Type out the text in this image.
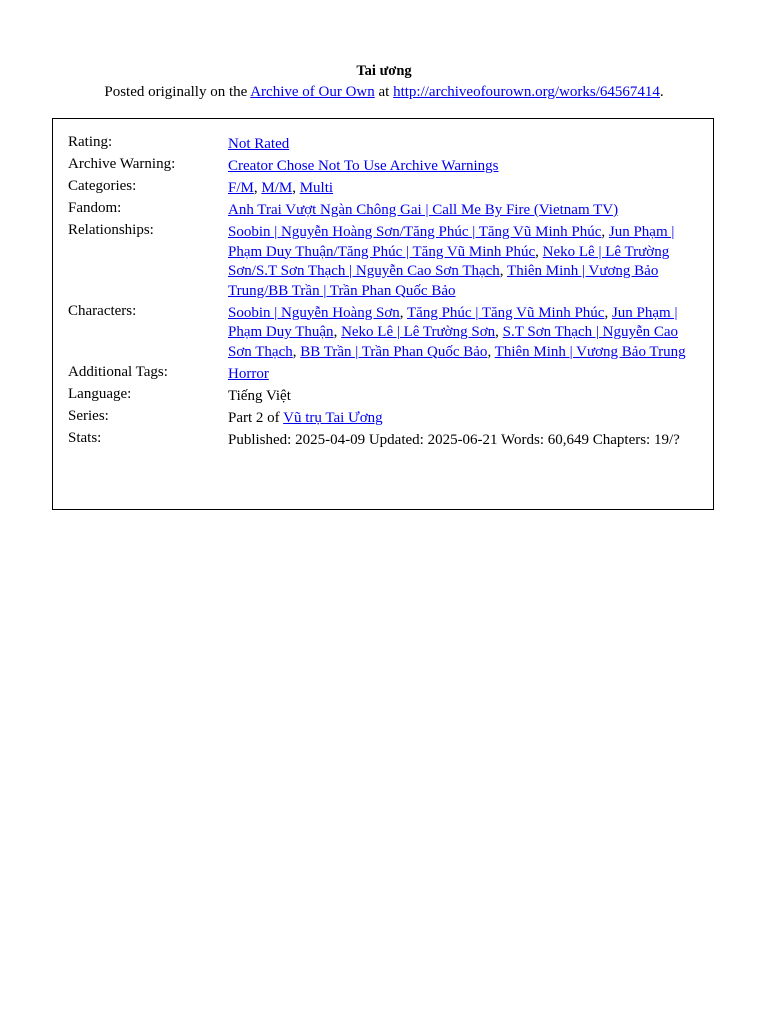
Tai ương
Posted originally on the Archive of Our Own at http://archiveofourown.org/works/64567414.
Rating:	Not Rated
Archive Warning:	Creator Chose Not To Use Archive Warnings
Categories:	F/M, M/M, Multi
Fandom:	Anh Trai Vượt Ngàn Chông Gai | Call Me By Fire (Vietnam TV)
Relationships:	Soobin | Nguyễn Hoàng Sơn/Tăng Phúc | Tăng Vũ Minh Phúc, Jun Phạm | Phạm Duy Thuận/Tăng Phúc | Tăng Vũ Minh Phúc, Neko Lê | Lê Trường Sơn/S.T Sơn Thạch | Nguyễn Cao Sơn Thạch, Thiên Minh | Vương Bảo Trung/BB Trần | Trần Phan Quốc Bảo
Characters:	Soobin | Nguyễn Hoàng Sơn, Tăng Phúc | Tăng Vũ Minh Phúc, Jun Phạm | Phạm Duy Thuận, Neko Lê | Lê Trường Sơn, S.T Sơn Thạch | Nguyễn Cao Sơn Thạch, BB Trần | Trần Phan Quốc Bảo, Thiên Minh | Vương Bảo Trung
Additional Tags:	Horror
Language:	Tiếng Việt
Series:	Part 2 of Vũ trụ Tai Ương
Stats:	Published: 2025-04-09 Updated: 2025-06-21 Words: 60,649 Chapters: 19/?
